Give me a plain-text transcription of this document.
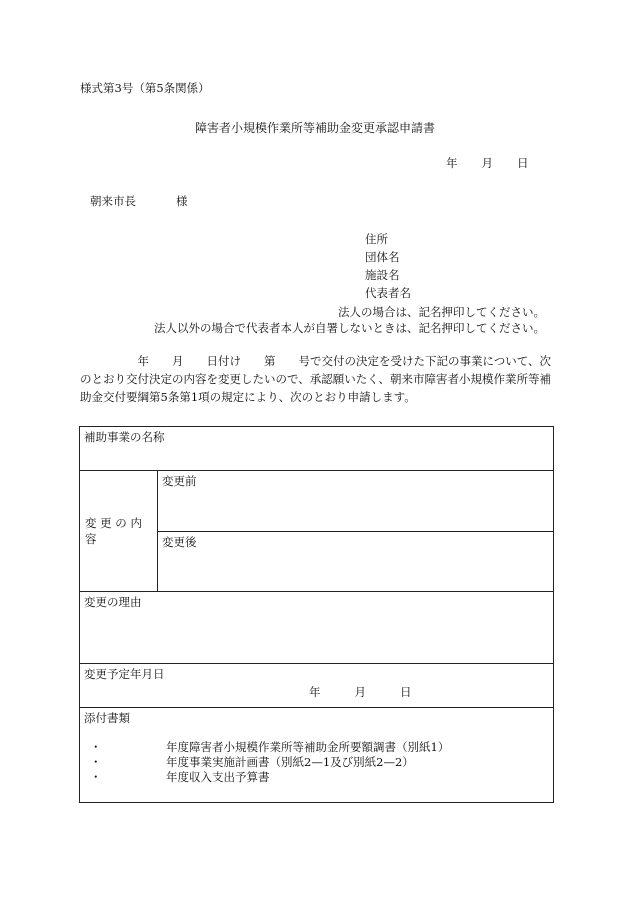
様式第3号（第5条関係）
障害者小規模作業所等補助金変更承認申請書
年 月 日
朝来市長	様
住所
団体名
施設名
代表者名
法人の場合は、記名押印してください。
法人以外の場合で代表者本人が自署しないときは、記名押印してください。
　　　　　年　　月　　日付け　　第　　号で交付の決定を受けた下記の事業について、次のとおり交付決定の内容を変更したいので、承認願いたく、朝来市障害者小規模作業所等補助金交付要綱第5条第1項の規定により、次のとおり申請します。
補助事業の名称

変 更 の 内 容	
変更前

変更後

変更の理由

変更予定年月日
年	月	日

添付書類
・	年度障害者小規模作業所等補助金所要額調書（別紙1）
・	年度事業実施計画書（別紙2—1及び別紙2—2）
・	年度収入支出予算書
